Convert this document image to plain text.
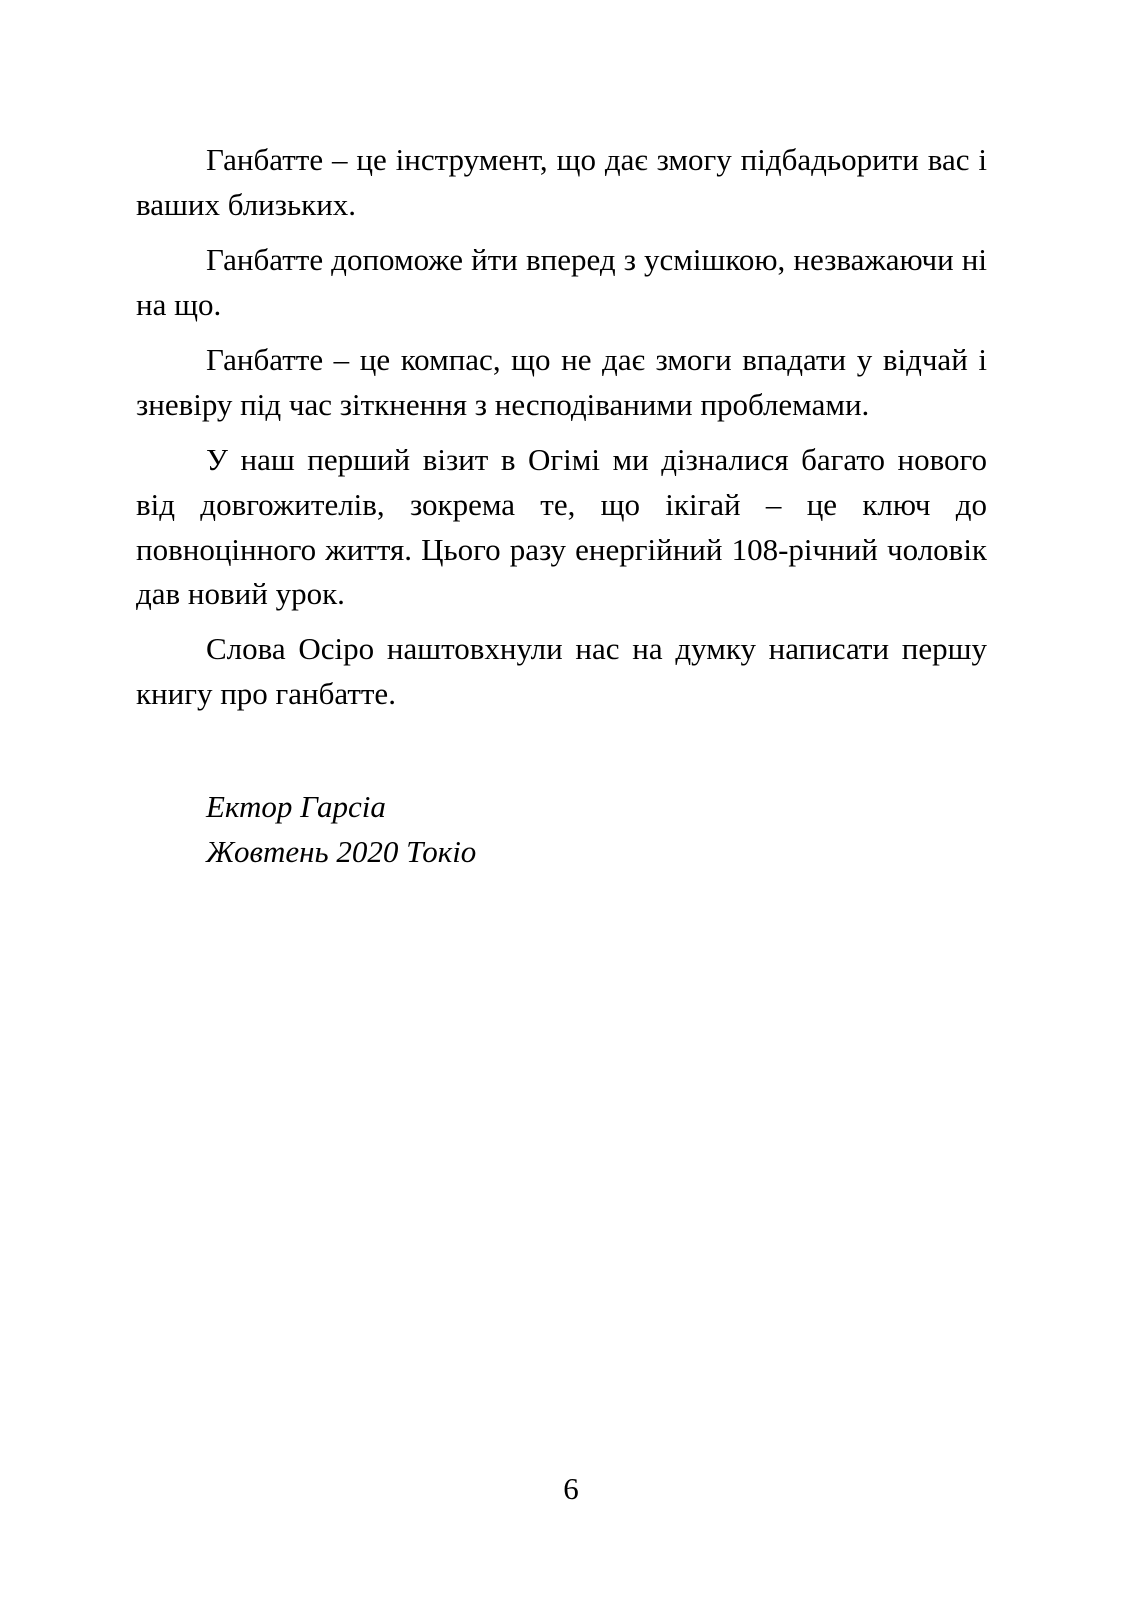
Ганбатте – це інструмент, що дає змогу підбадьорити вас і ваших близьких.

Ганбатте допоможе йти вперед з усмішкою, незважаючи ні на що.

Ганбатте – це компас, що не дає змоги впадати у відчай і зневіру під час зіткнення з несподіваними проблемами.

У наш перший візит в Огімі ми дізналися багато нового від довгожителів, зокрема те, що ікігай – це ключ до повноцінного життя. Цього разу енергійний 108-річний чоловік дав новий урок.

Слова Осіро наштовхнули нас на думку написати першу книгу про ганбатте.

Ектор Гарсіа

Жовтень 2020 Токіо

6
